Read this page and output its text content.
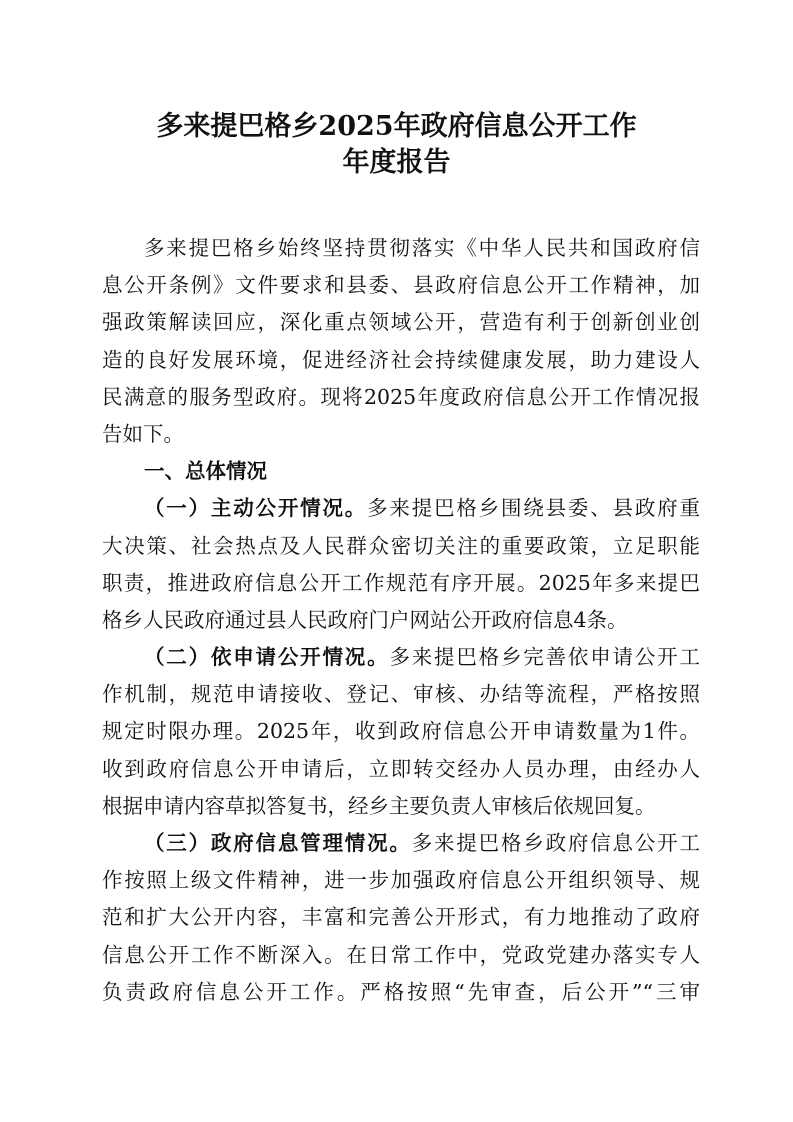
多来提巴格乡2025年政府信息公开工作
年度报告
多来提巴格乡始终坚持贯彻落实《中华人民共和国政府信
息公开条例》文件要求和县委、县政府信息公开工作精神，加
强政策解读回应，深化重点领域公开，营造有利于创新创业创
造的良好发展环境，促进经济社会持续健康发展，助力建设人
民满意的服务型政府。现将2025年度政府信息公开工作情况报
告如下。
一、总体情况
（一）主动公开情况。多来提巴格乡围绕县委、县政府重
大决策、社会热点及人民群众密切关注的重要政策，立足职能
职责，推进政府信息公开工作规范有序开展。2025年多来提巴
格乡人民政府通过县人民政府门户网站公开政府信息4条。
（二）依申请公开情况。多来提巴格乡完善依申请公开工
作机制，规范申请接收、登记、审核、办结等流程，严格按照
规定时限办理。2025年，收到政府信息公开申请数量为1件。
收到政府信息公开申请后，立即转交经办人员办理，由经办人
根据申请内容草拟答复书，经乡主要负责人审核后依规回复。
（三）政府信息管理情况。多来提巴格乡政府信息公开工
作按照上级文件精神，进一步加强政府信息公开组织领导、规
范和扩大公开内容，丰富和完善公开形式，有力地推动了政府
信息公开工作不断深入。在日常工作中，党政党建办落实专人
负责政府信息公开工作。严格按照“先审查，后公开”“三审
